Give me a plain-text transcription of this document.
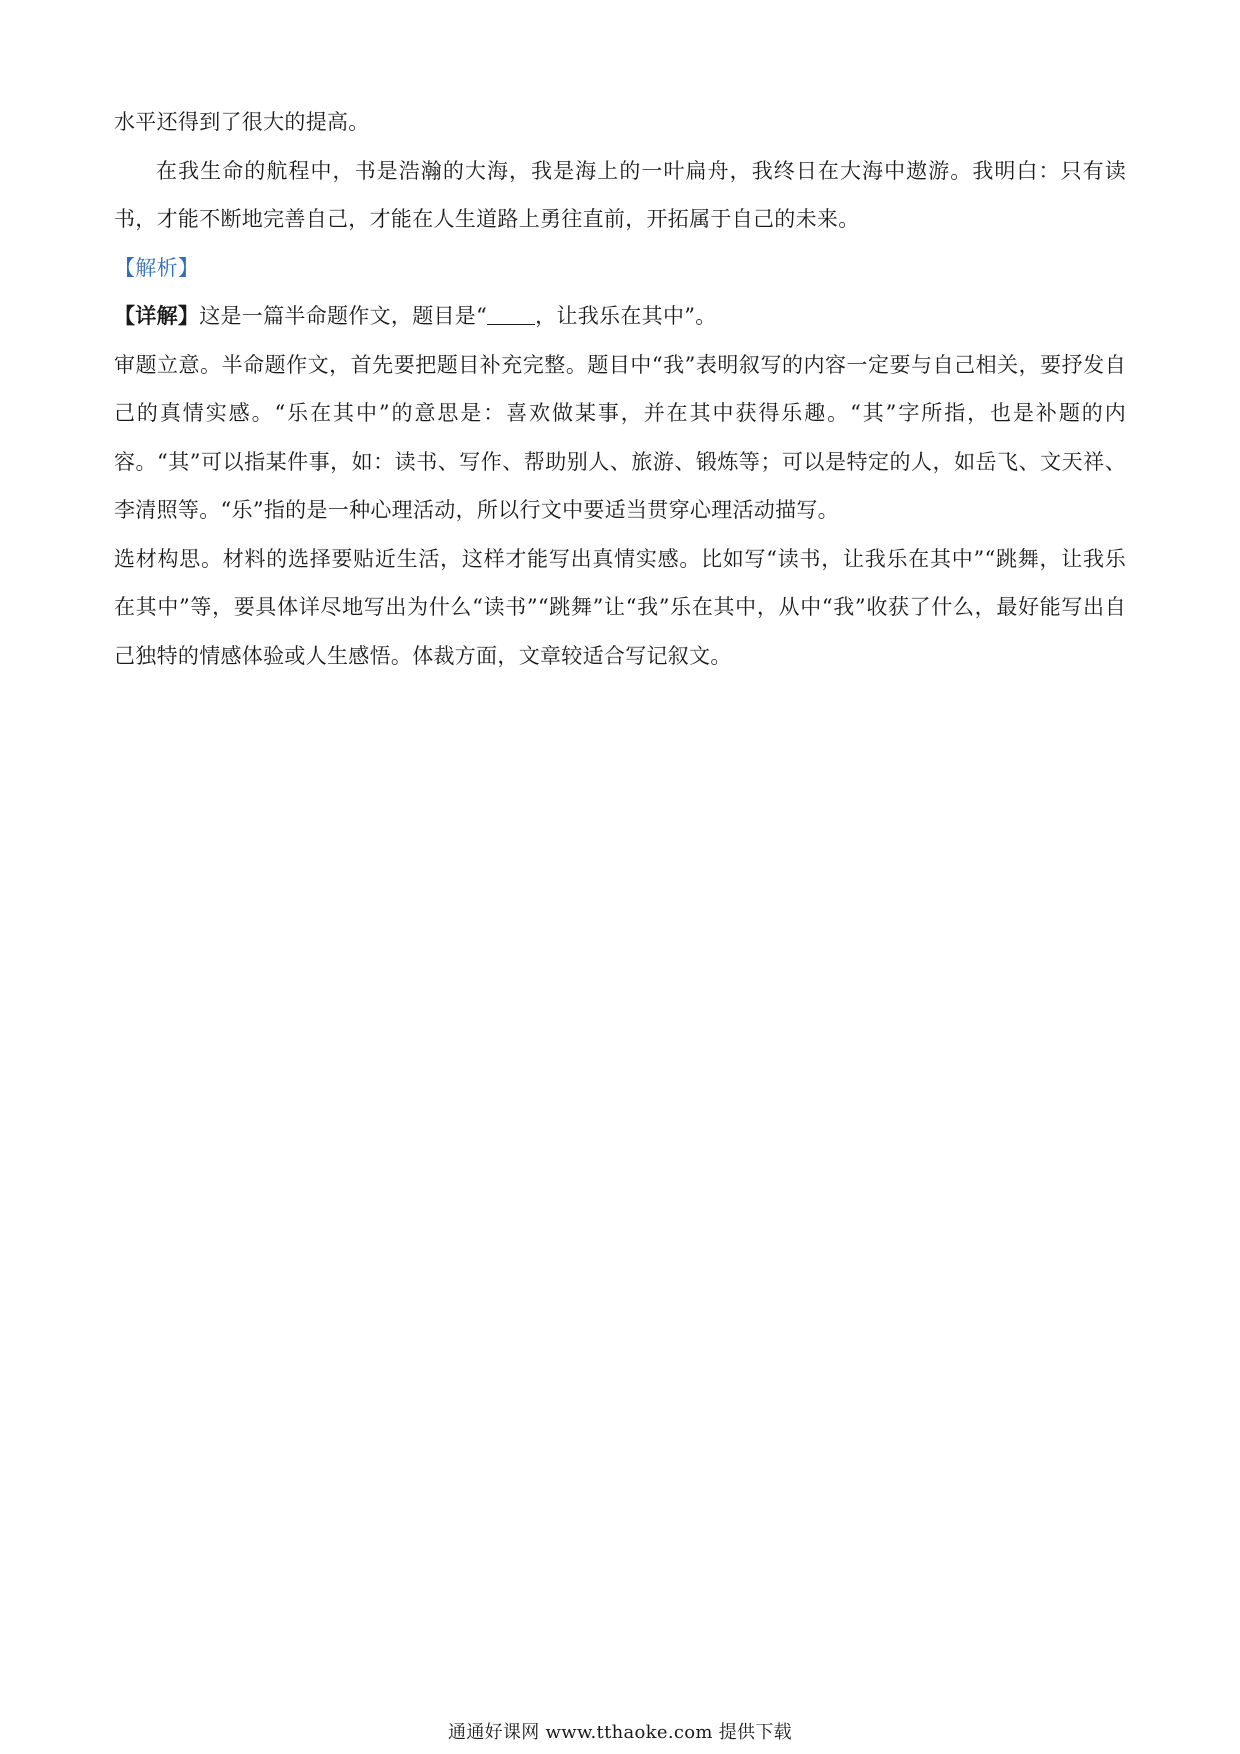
水平还得到了很大的提高。

在我生命的航程中，书是浩瀚的大海，我是海上的一叶扁舟，我终日在大海中遨游。我明白：只有读书，才能不断地完善自己，才能在人生道路上勇往直前，开拓属于自己的未来。

【解析】

【详解】这是一篇半命题作文，题目是“ ，让我乐在其中”。

审题立意。半命题作文，首先要把题目补充完整。题目中“我”表明叙写的内容一定要与自己相关，要抒发自己的真情实感。“乐在其中”的意思是：喜欢做某事，并在其中获得乐趣。“其”字所指，也是补题的内容。“其”可以指某件事，如：读书、写作、帮助别人、旅游、锻炼等；可以是特定的人，如岳飞、文天祥、李清照等。“乐”指的是一种心理活动，所以行文中要适当贯穿心理活动描写。

选材构思。材料的选择要贴近生活，这样才能写出真情实感。比如写“读书，让我乐在其中”“跳舞，让我乐在其中”等，要具体详尽地写出为什么“读书”“跳舞”让“我”乐在其中，从中“我”收获了什么，最好能写出自己独特的情感体验或人生感悟。体裁方面，文章较适合写记叙文。

通通好课网 www.tthaoke.com 提供下载
